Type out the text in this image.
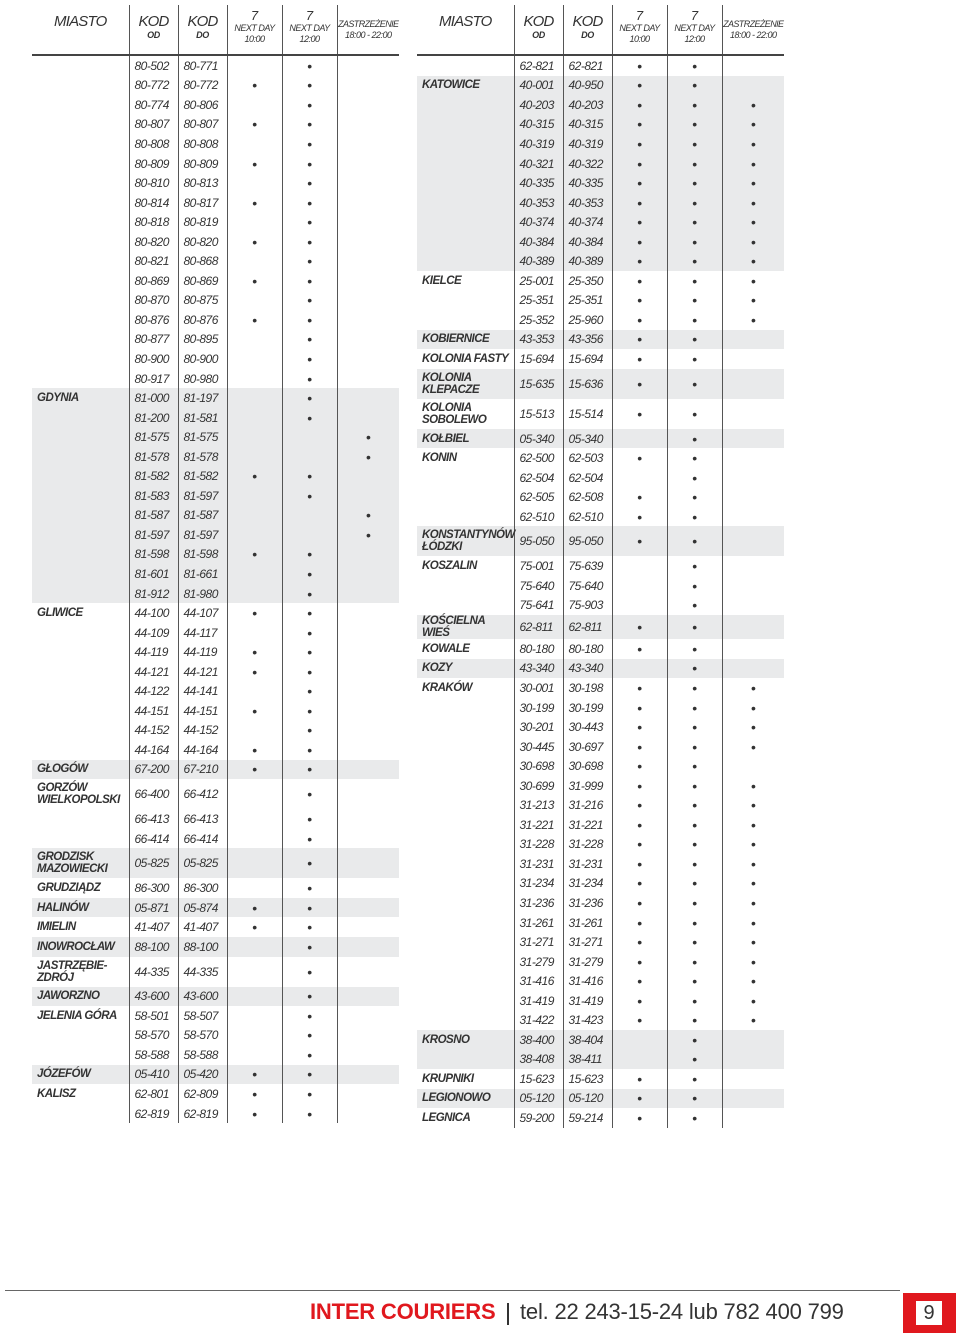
MIASTO	KOD
OD	KOD
DO	7
NEXT DAY
10:00	7
NEXT DAY
12:00	ZASTRZEŻENIE
18:00 - 22:00

	80-502	80-771		•	
	80-772	80-772	•	•	
	80-774	80-806		•	
	80-807	80-807	•	•	
	80-808	80-808		•	
	80-809	80-809	•	•	
	80-810	80-813		•	
	80-814	80-817	•	•	
	80-818	80-819		•	
	80-820	80-820	•	•	
	80-821	80-868		•	
	80-869	80-869	•	•	
	80-870	80-875		•	
	80-876	80-876	•	•	
	80-877	80-895		•	
	80-900	80-900		•	
	80-917	80-980		•	
GDYNIA	81-000	81-197		•	
	81-200	81-581		•	
	81-575	81-575			•
	81-578	81-578			•
	81-582	81-582	•	•	
	81-583	81-597		•	
	81-587	81-587			•
	81-597	81-597			•
	81-598	81-598	•	•	
	81-601	81-661		•	
	81-912	81-980		•	
GLIWICE	44-100	44-107	•	•	
	44-109	44-117		•	
	44-119	44-119	•	•	
	44-121	44-121	•	•	
	44-122	44-141		•	
	44-151	44-151	•	•	
	44-152	44-152		•	
	44-164	44-164	•	•	
GŁOGÓW	67-200	67-210	•	•	
GORZÓW WIELKOPOLSKI	66-400	66-412		•	
	66-413	66-413		•	
	66-414	66-414		•	
GRODZISK MAZOWIECKI	05-825	05-825		•	
GRUDZIĄDZ	86-300	86-300		•	
HALINÓW	05-871	05-874	•	•	
IMIELIN	41-407	41-407	•	•	
INOWROCŁAW	88-100	88-100		•	
JASTRZĘBIE-ZDRÓJ	44-335	44-335		•	
JAWORZNO	43-600	43-600		•	
JELENIA GÓRA	58-501	58-507		•	
	58-570	58-570		•	
	58-588	58-588		•	
JÓZEFÓW	05-410	05-420	•	•	
KALISZ	62-801	62-809	•	•	
	62-819	62-819	•	•	
MIASTO	KOD
OD	KOD
DO	7
NEXT DAY
10:00	7
NEXT DAY
12:00	ZASTRZEŻENIE
18:00 - 22:00

	62-821	62-821	•	•	
KATOWICE	40-001	40-950	•	•	
	40-203	40-203	•	•	•
	40-315	40-315	•	•	•
	40-319	40-319	•	•	•
	40-321	40-322	•	•	•
	40-335	40-335	•	•	•
	40-353	40-353	•	•	•
	40-374	40-374	•	•	•
	40-384	40-384	•	•	•
	40-389	40-389	•	•	•
KIELCE	25-001	25-350	•	•	•
	25-351	25-351	•	•	•
	25-352	25-960	•	•	•
KOBIERNICE	43-353	43-356	•	•	
KOLONIA FASTY	15-694	15-694	•	•	
KOLONIA KLEPACZE	15-635	15-636	•	•	
KOLONIA SOBOLEWO	15-513	15-514	•	•	
KOŁBIEL	05-340	05-340		•	
KONIN	62-500	62-503	•	•	
	62-504	62-504		•	
	62-505	62-508	•	•	
	62-510	62-510	•	•	
KONSTANTYNÓW ŁÓDZKI	95-050	95-050	•	•	
KOSZALIN	75-001	75-639		•	
	75-640	75-640		•	
	75-641	75-903		•	
KOŚCIELNA WIEŚ	62-811	62-811	•	•	
KOWALE	80-180	80-180	•	•	
KOZY	43-340	43-340		•	
KRAKÓW	30-001	30-198	•	•	•
	30-199	30-199	•	•	•
	30-201	30-443	•	•	•
	30-445	30-697	•	•	•
	30-698	30-698	•	•	
	30-699	31-999	•	•	•
	31-213	31-216	•	•	•
	31-221	31-221	•	•	•
	31-228	31-228	•	•	•
	31-231	31-231	•	•	•
	31-234	31-234	•	•	•
	31-236	31-236	•	•	•
	31-261	31-261	•	•	•
	31-271	31-271	•	•	•
	31-279	31-279	•	•	•
	31-416	31-416	•	•	•
	31-419	31-419	•	•	•
	31-422	31-423	•	•	•
KROSNO	38-400	38-404		•	
	38-408	38-411		•	
KRUPNIKI	15-623	15-623	•	•	
LEGIONOWO	05-120	05-120	•	•	
LEGNICA	59-200	59-214	•	•	
INTER COURIERS tel. 22 243-15-24 lub 782 400 799	9
